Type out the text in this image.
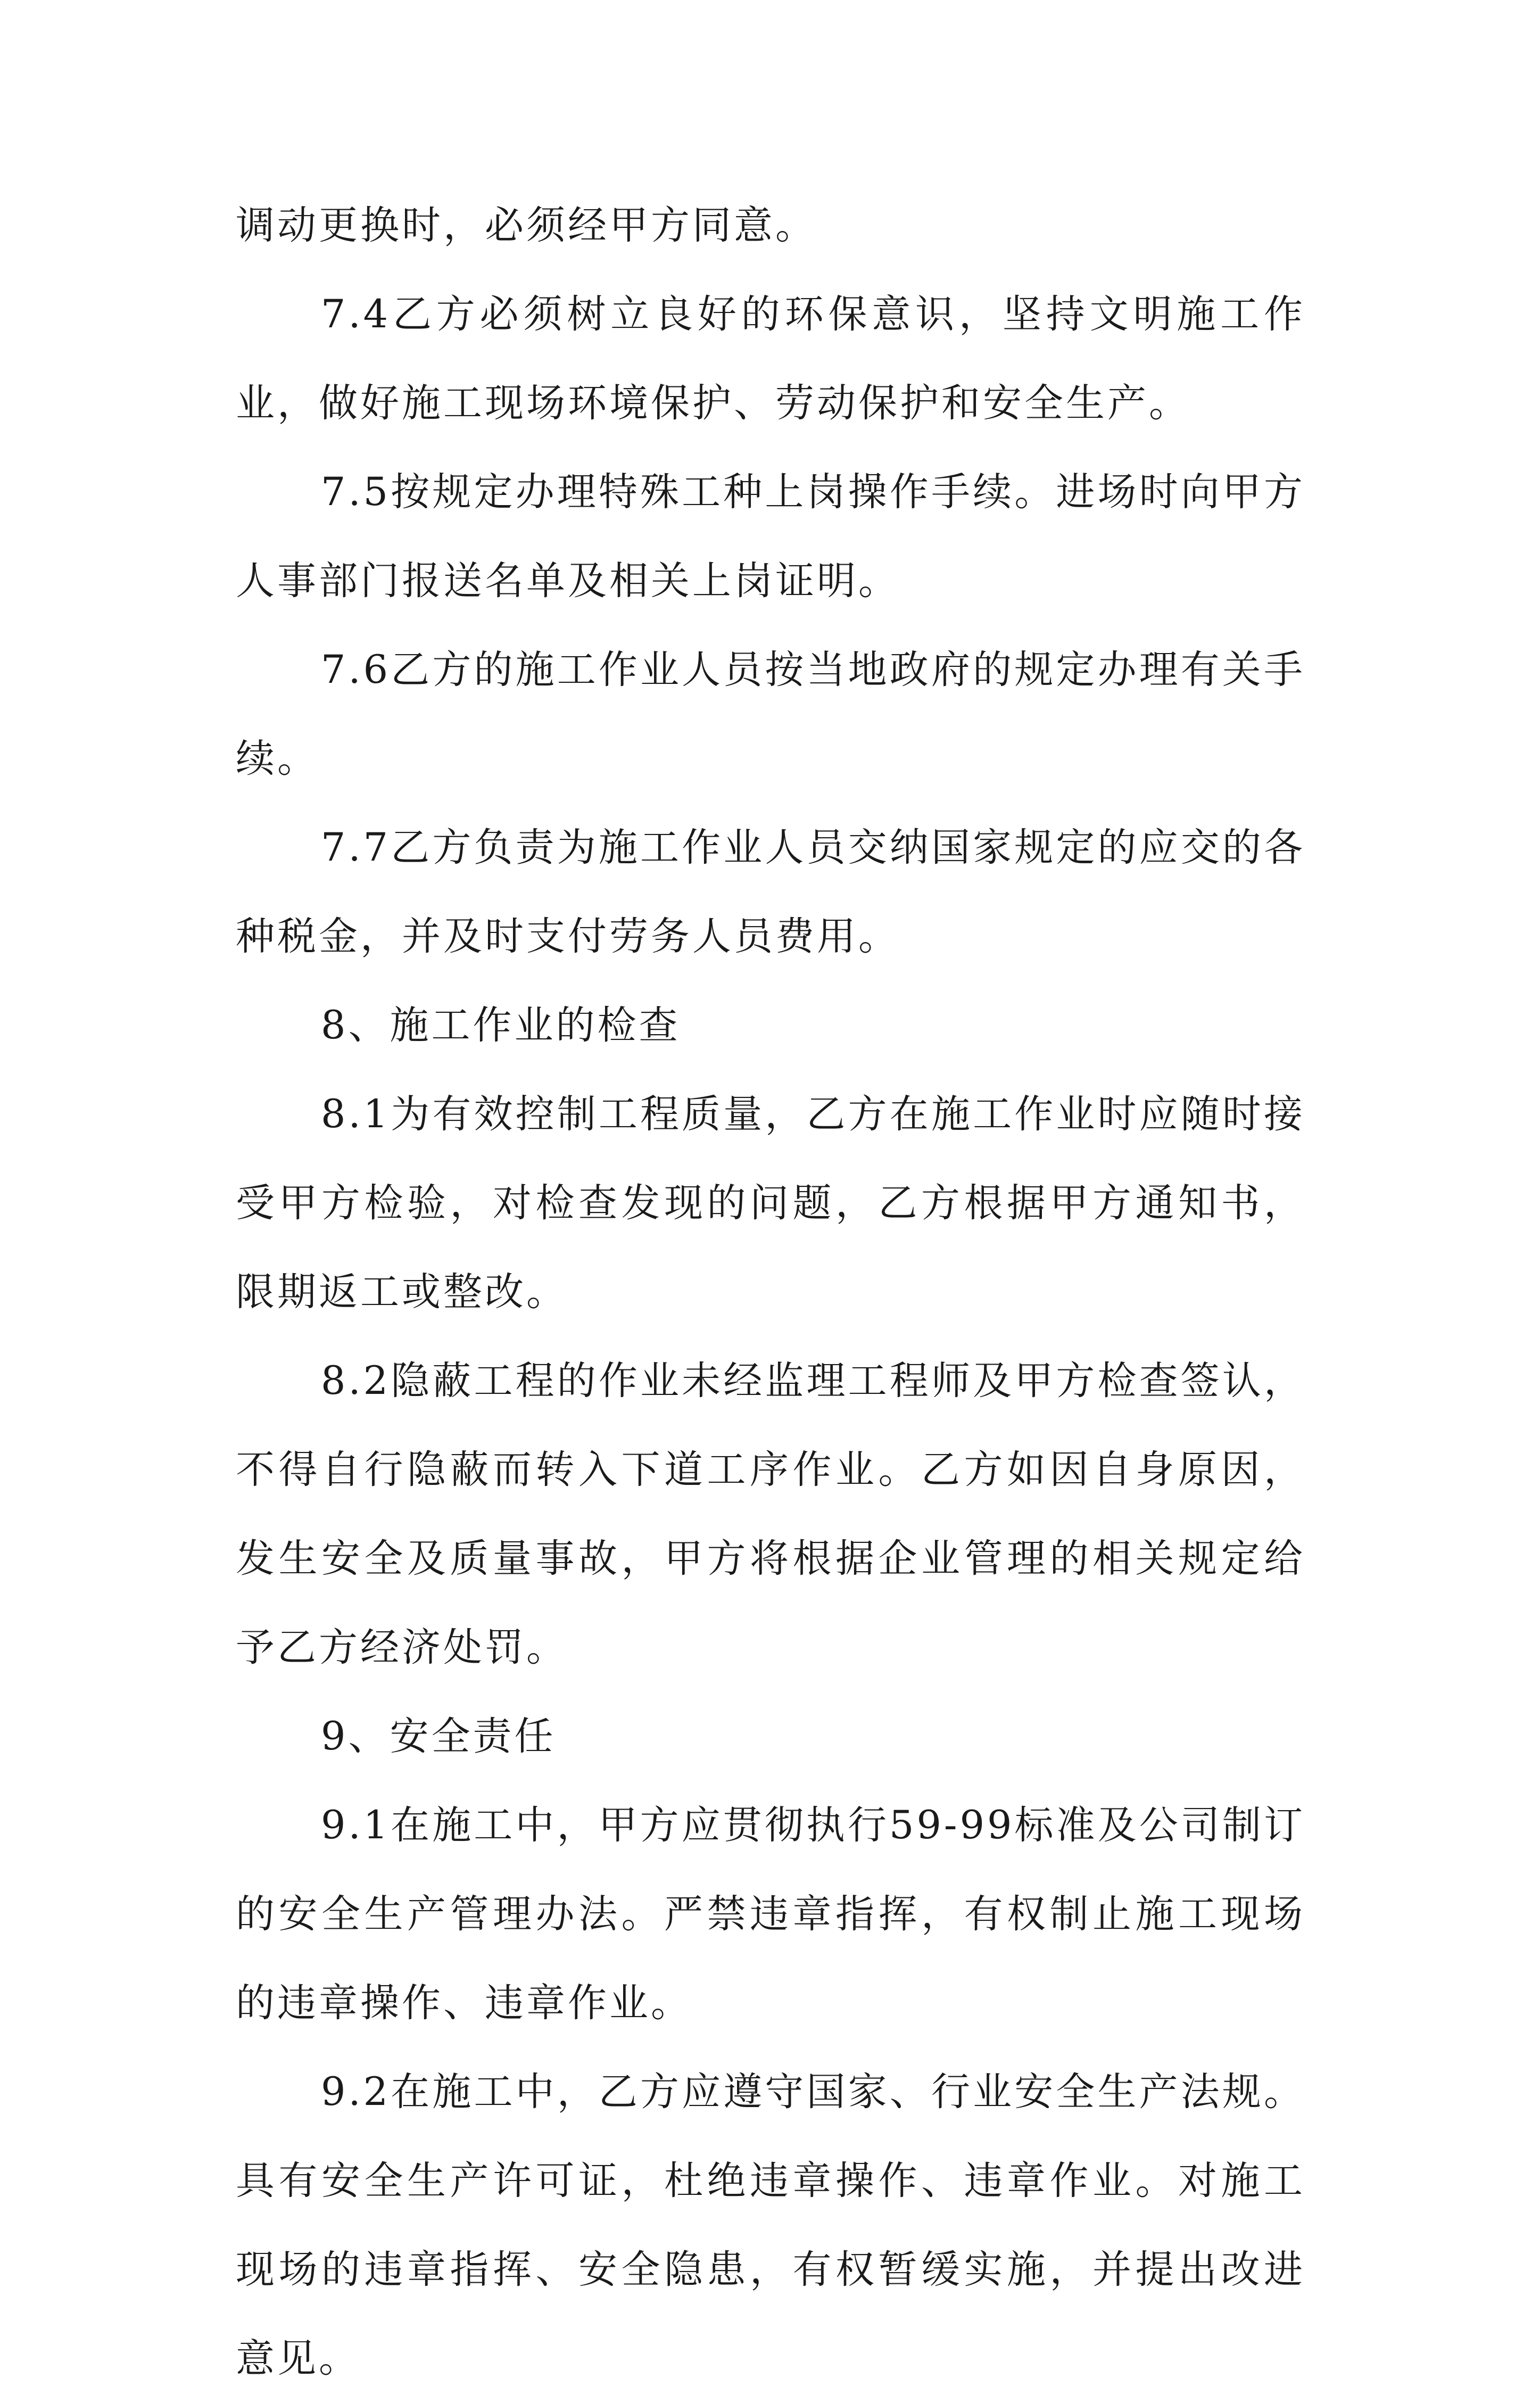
调动更换时，必须经甲方同意。

7.4乙方必须树立良好的环保意识，坚持文明施工作业，做好施工现场环境保护、劳动保护和安全生产。

7.5按规定办理特殊工种上岗操作手续。进场时向甲方人事部门报送名单及相关上岗证明。

7.6乙方的施工作业人员按当地政府的规定办理有关手续。

7.7乙方负责为施工作业人员交纳国家规定的应交的各种税金，并及时支付劳务人员费用。

8、施工作业的检查

8.1为有效控制工程质量，乙方在施工作业时应随时接受甲方检验，对检查发现的问题，乙方根据甲方通知书，限期返工或整改。

8.2隐蔽工程的作业未经监理工程师及甲方检查签认，不得自行隐蔽而转入下道工序作业。乙方如因自身原因，发生安全及质量事故，甲方将根据企业管理的相关规定给予乙方经济处罚。

9、安全责任

9.1在施工中，甲方应贯彻执行59-99标准及公司制订的安全生产管理办法。严禁违章指挥，有权制止施工现场的违章操作、违章作业。

9.2在施工中，乙方应遵守国家、行业安全生产法规。具有安全生产许可证，杜绝违章操作、违章作业。对施工现场的违章指挥、安全隐患，有权暂缓实施，并提出改进意见。
